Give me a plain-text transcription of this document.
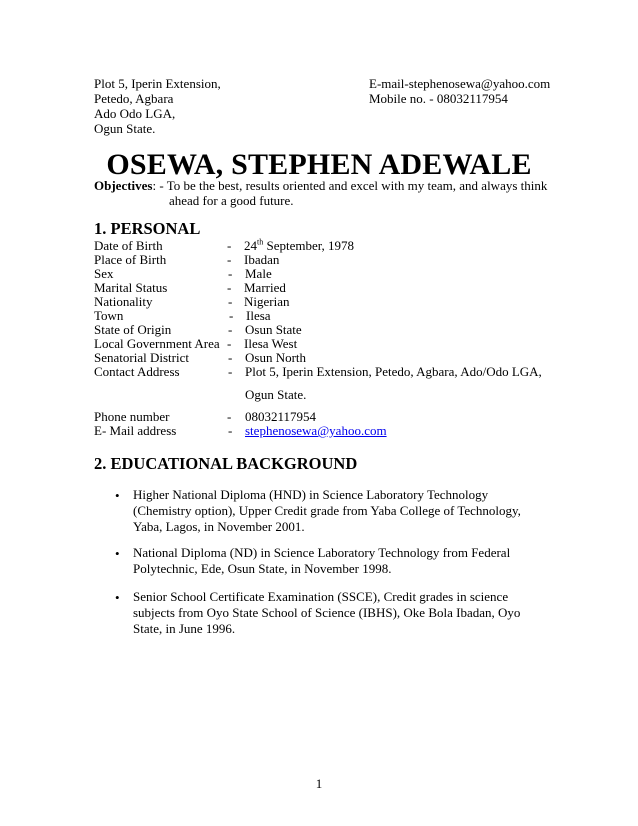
Plot 5, Iperin Extension,
Petedo, Agbara
Ado Odo LGA,
Ogun State.
E-mail-stephenosewa@yahoo.com
Mobile no. - 08032117954
OSEWA, STEPHEN ADEWALE
Objectives: - To be the best, results oriented and excel with my team, and always think
ahead for a good future.
1. PERSONAL
Date of Birth	- 24th September, 1978
Place of Birth	- Ibadan
Sex	- Male
Marital Status	- Married
Nationality	- Nigerian
Town	- Ilesa
State of Origin	- Osun State
Local Government Area - Ilesa West
Senatorial District	- Osun North
Contact Address	- Plot 5, Iperin Extension, Petedo, Agbara, Ado/Odo LGA,
Ogun State.
Phone number	- 08032117954
E- Mail address	- stephenosewa@yahoo.com
2. EDUCATIONAL BACKGROUND
• Higher National Diploma (HND) in Science Laboratory Technology (Chemistry option), Upper Credit grade from Yaba College of Technology, Yaba, Lagos, in November 2001.
• National Diploma (ND) in Science Laboratory Technology from Federal Polytechnic, Ede, Osun State, in November 1998.
• Senior School Certificate Examination (SSCE), Credit grades in science subjects from Oyo State School of Science (IBHS), Oke Bola Ibadan, Oyo State, in June 1996.
1
